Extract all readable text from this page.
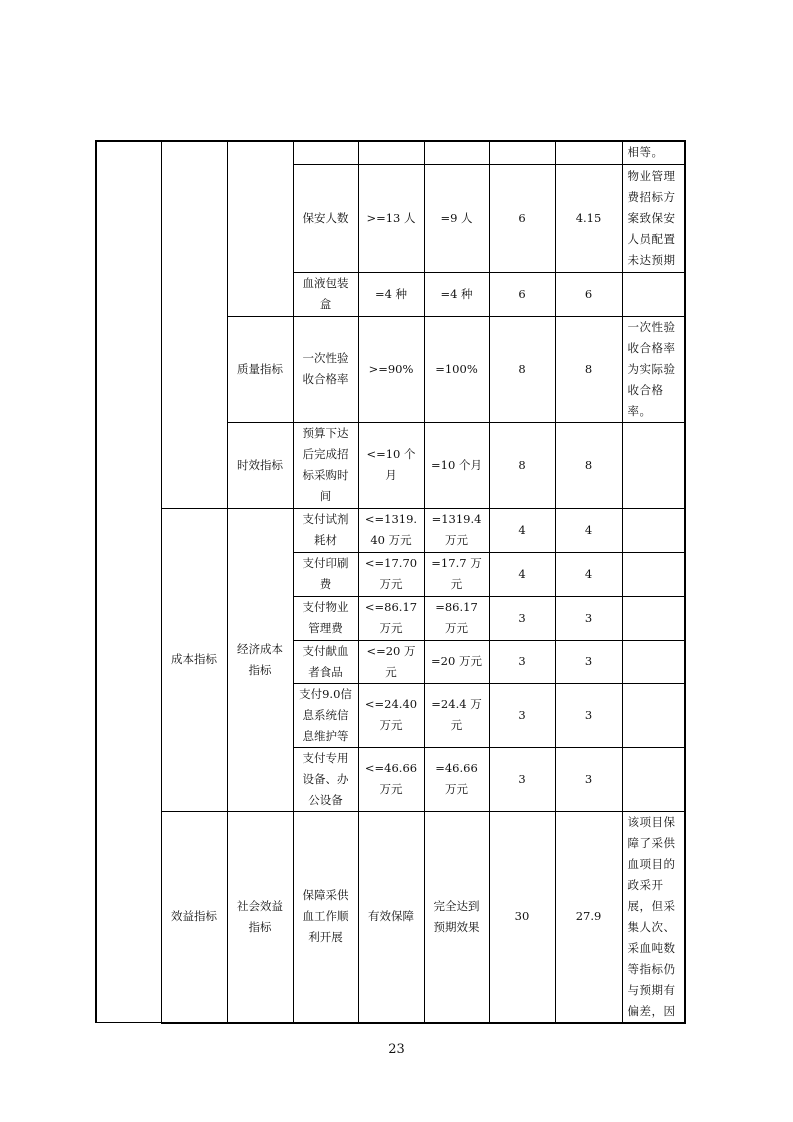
								相等。
			保安人数	>=13 人	=9 人	6	4.15	物业管理费招标方案致保安人员配置未达预期
			血液包装盒	=4 种	=4 种	6	6	
		质量指标	一次性验收合格率	>=90%	=100%	8	8	一次性验收合格率为实际验收合格率。
		时效指标	预算下达后完成招标采购时间	<=10 个月	=10 个月	8	8	
	成本指标	经济成本指标	支付试剂耗材	<=1319.40 万元	=1319.4 万元	4	4	
			支付印刷费	<=17.70 万元	=17.7 万元	4	4	
			支付物业管理费	<=86.17 万元	=86.17 万元	3	3	
			支付献血者食品	<=20 万元	=20 万元	3	3	
			支付9.0信息系统信息维护等	<=24.40 万元	=24.4 万元	3	3	
			支付专用设备、办公设备	<=46.66 万元	=46.66 万元	3	3	
	效益指标	社会效益指标	保障采供血工作顺利开展	有效保障	完全达到预期效果	30	27.9	该项目保障了采供血项目的政采开展，但采集人次、采血吨数等指标仍与预期有偏差，因
23
